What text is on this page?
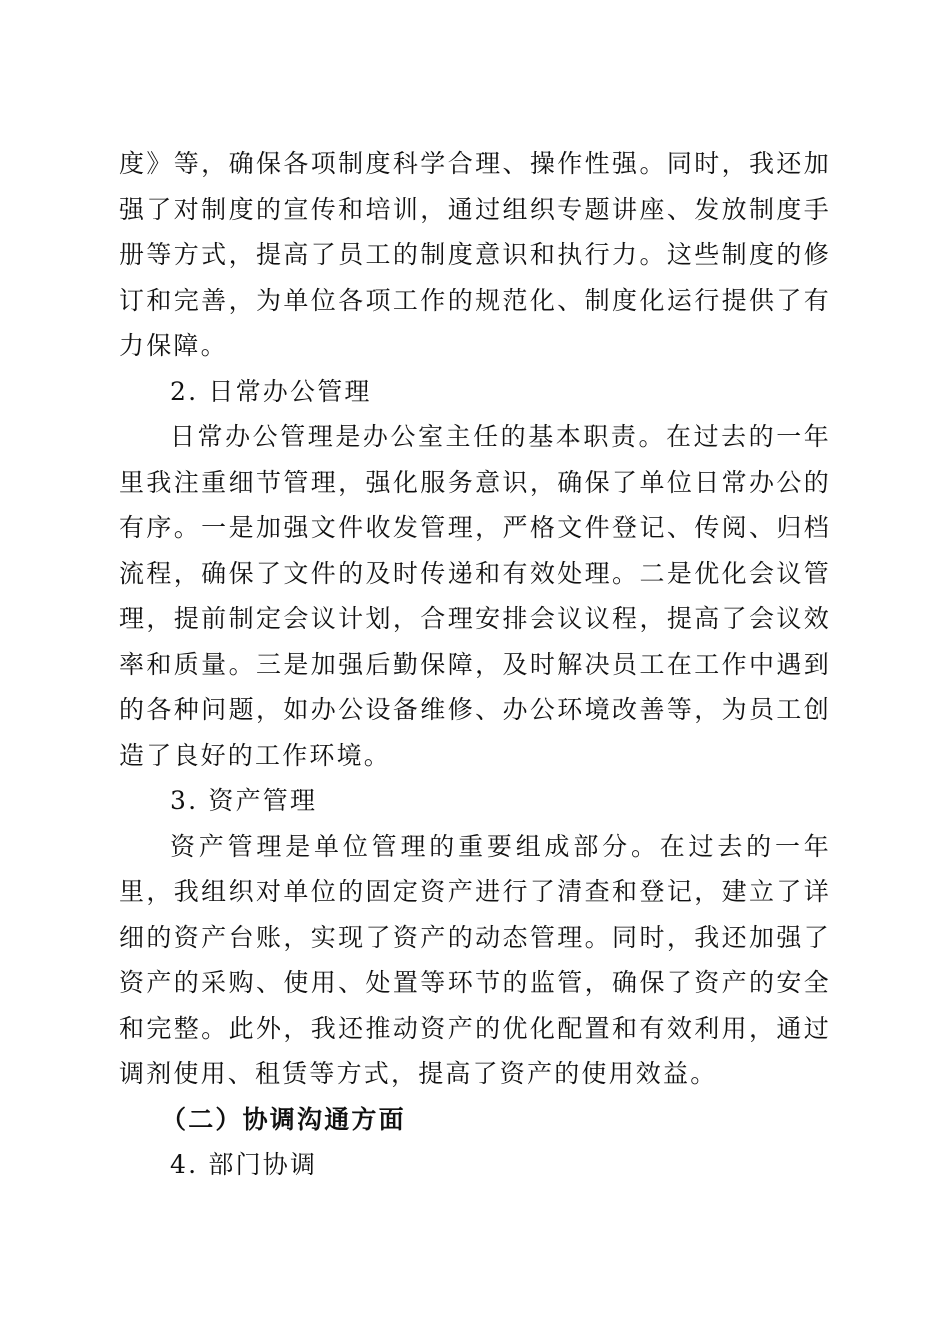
度》等，确保各项制度科学合理、操作性强。同时，我还加强了对制度的宣传和培训，通过组织专题讲座、发放制度手册等方式，提高了员工的制度意识和执行力。这些制度的修订和完善，为单位各项工作的规范化、制度化运行提供了有力保障。

2. 日常办公管理

日常办公管理是办公室主任的基本职责。在过去的一年里我注重细节管理，强化服务意识，确保了单位日常办公的有序。一是加强文件收发管理，严格文件登记、传阅、归档流程，确保了文件的及时传递和有效处理。二是优化会议管理，提前制定会议计划，合理安排会议议程，提高了会议效率和质量。三是加强后勤保障，及时解决员工在工作中遇到的各种问题，如办公设备维修、办公环境改善等，为员工创造了良好的工作环境。

3. 资产管理

资产管理是单位管理的重要组成部分。在过去的一年里，我组织对单位的固定资产进行了清查和登记，建立了详细的资产台账，实现了资产的动态管理。同时，我还加强了资产的采购、使用、处置等环节的监管，确保了资产的安全和完整。此外，我还推动资产的优化配置和有效利用，通过调剂使用、租赁等方式，提高了资产的使用效益。

（二）协调沟通方面

4. 部门协调
